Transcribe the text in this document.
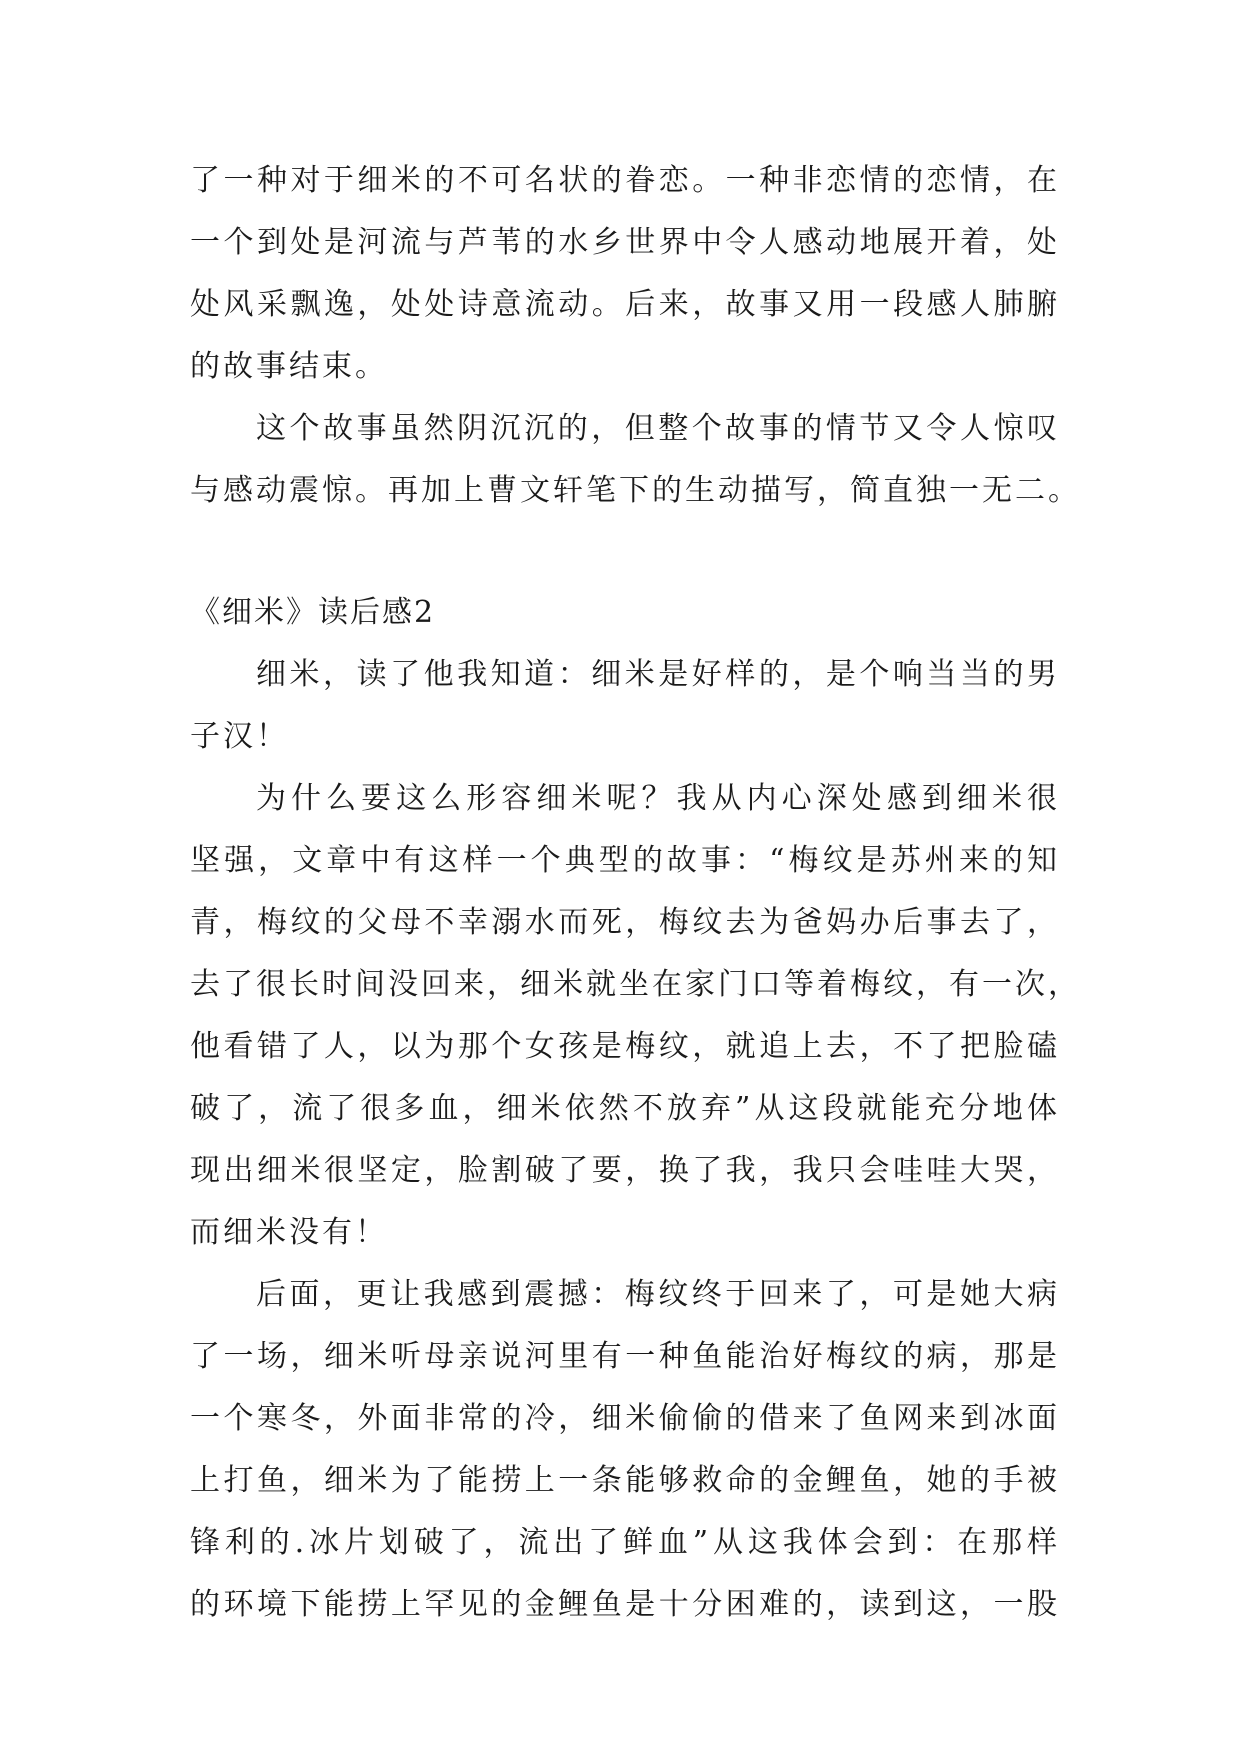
了一种对于细米的不可名状的眷恋。一种非恋情的恋情，在
一个到处是河流与芦苇的水乡世界中令人感动地展开着，处
处风采飘逸，处处诗意流动。后来，故事又用一段感人肺腑
的故事结束。
这个故事虽然阴沉沉的，但整个故事的情节又令人惊叹
与感动震惊。再加上曹文轩笔下的生动描写，简直独一无二。
《细米》读后感2
细米，读了他我知道：细米是好样的，是个响当当的男
子汉！
为什么要这么形容细米呢？我从内心深处感到细米很
坚强，文章中有这样一个典型的故事：“梅纹是苏州来的知
青，梅纹的父母不幸溺水而死，梅纹去为爸妈办后事去了，
去了很长时间没回来，细米就坐在家门口等着梅纹，有一次，
他看错了人，以为那个女孩是梅纹，就追上去，不了把脸磕
破了，流了很多血，细米依然不放弃”从这段就能充分地体
现出细米很坚定，脸割破了要，换了我，我只会哇哇大哭，
而细米没有！
后面，更让我感到震撼：梅纹终于回来了，可是她大病
了一场，细米听母亲说河里有一种鱼能治好梅纹的病，那是
一个寒冬，外面非常的冷，细米偷偷的借来了鱼网来到冰面
上打鱼，细米为了能捞上一条能够救命的金鲤鱼，她的手被
锋利的.冰片划破了，流出了鲜血”从这我体会到：在那样
的环境下能捞上罕见的金鲤鱼是十分困难的，读到这，一股
